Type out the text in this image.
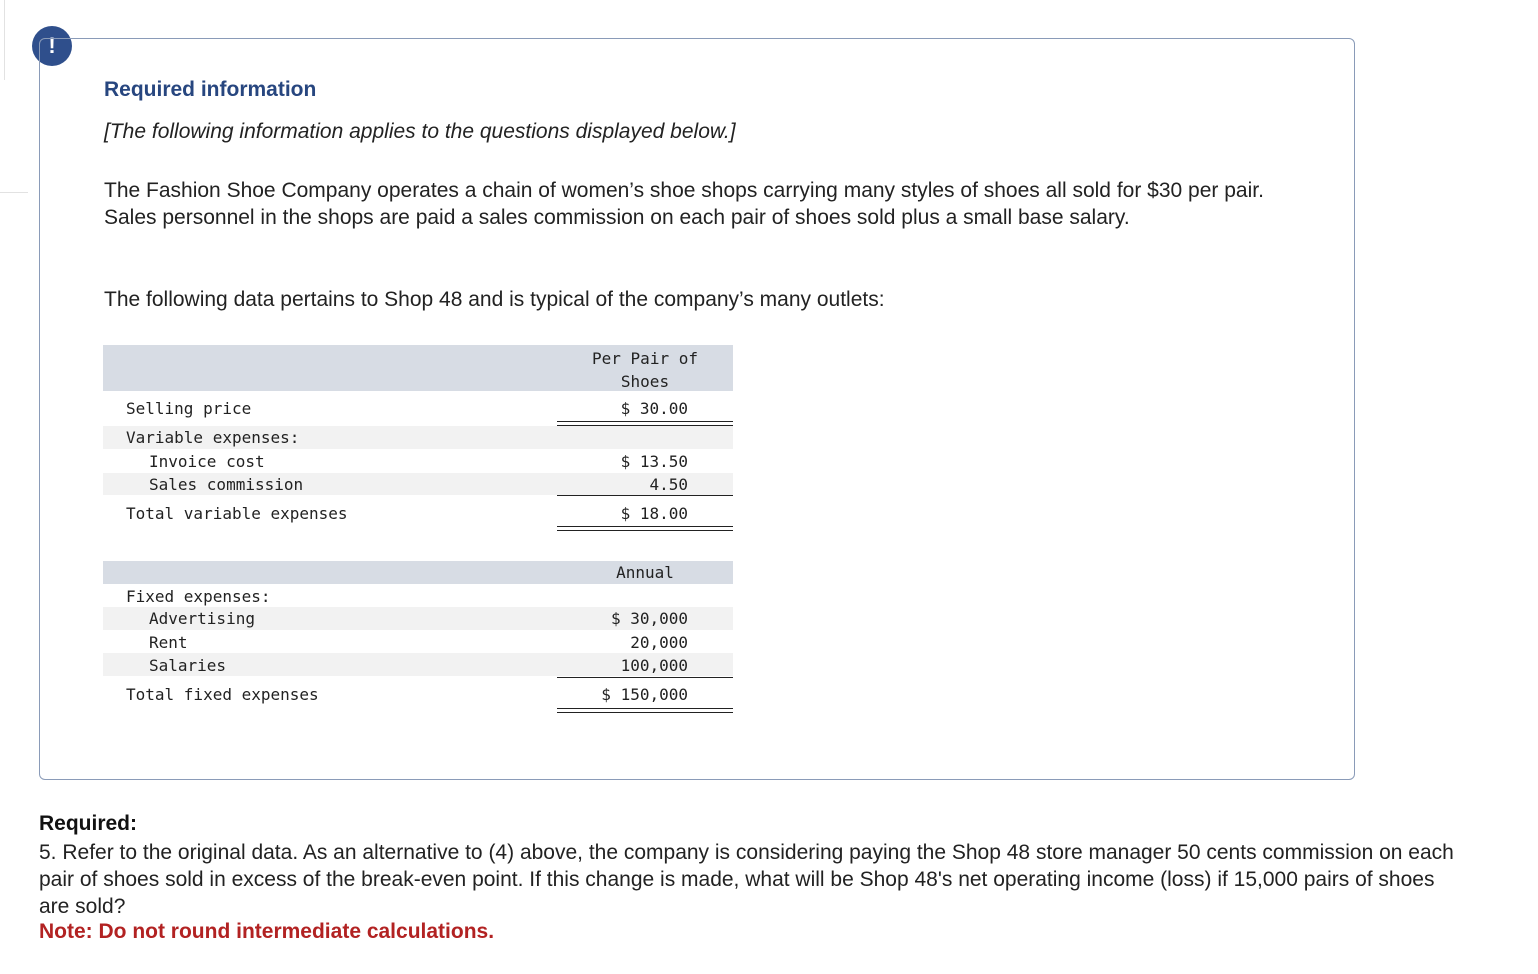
!
Required information
[The following information applies to the questions displayed below.]
The Fashion Shoe Company operates a chain of women’s shoe shops carrying many styles of shoes all sold for $30 per pair. Sales personnel in the shops are paid a sales commission on each pair of shoes sold plus a small base salary.
The following data pertains to Shop 48 and is typical of the company’s many outlets:
Per Pair of
Shoes
Selling price	$ 30.00
Variable expenses:
Invoice cost	$ 13.50
Sales commission	4.50
Total variable expenses	$ 18.00
Annual
Fixed expenses:
Advertising	$ 30,000
Rent	20,000
Salaries	100,000
Total fixed expenses	$ 150,000
Required:
5. Refer to the original data. As an alternative to (4) above, the company is considering paying the Shop 48 store manager 50 cents commission on each pair of shoes sold in excess of the break-even point. If this change is made, what will be Shop 48's net operating income (loss) if 15,000 pairs of shoes are sold?
Note: Do not round intermediate calculations.
